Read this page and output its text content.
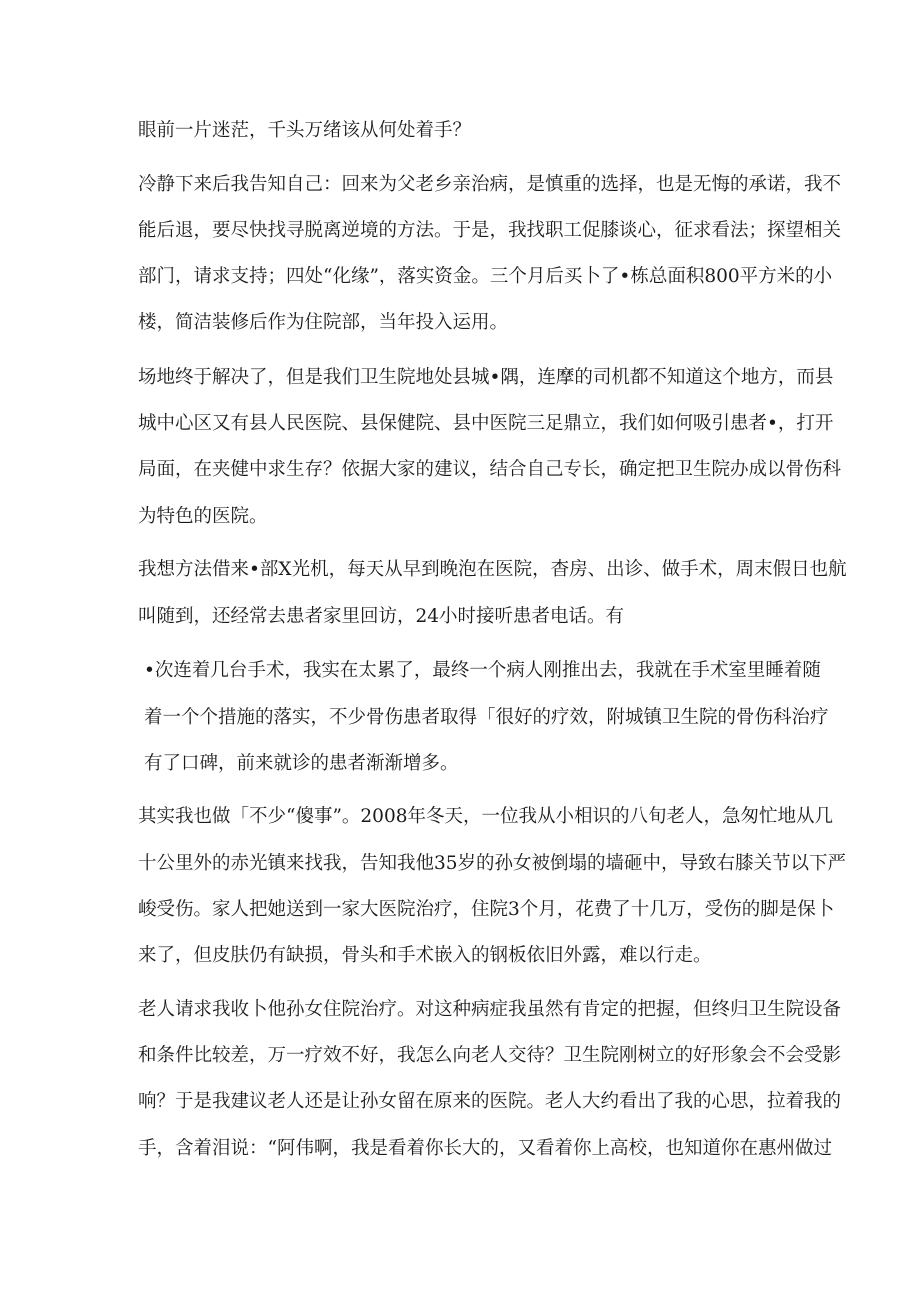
眼前一片迷茫，千头万绪该从何处着手？
冷静下来后我告知自己：回来为父老乡亲治病，是慎重的选择，也是无悔的承诺，我不
能后退，要尽快找寻脱离逆境的方法。于是，我找职工促膝谈心，征求看法；探望相关
部门，请求支持；四处“化缘”，落实资金。三个月后买卜了•栋总面积800平方米的小
楼，简洁装修后作为住院部，当年投入运用。
场地终于解决了，但是我们卫生院地处县城•隅，连摩的司机都不知道这个地方，而县
城中心区又有县人民医院、县保健院、县中医院三足鼎立，我们如何吸引患者•，打开
局面，在夹健中求生存？依据大家的建议，结合自己专长，确定把卫生院办成以骨伤科
为特色的医院。
我想方法借来•部X光机，每天从早到晚泡在医院，杳房、出诊、做手术，周末假日也航
叫随到，还经常去患者家里回访，24小时接听患者电话。有
•次连着几台手术，我实在太累了，最终一个病人刚推出去，我就在手术室里睡着随
着一个个措施的落实，不少骨伤患者取得「很好的疗效，附城镇卫生院的骨伤科治疗
有了口碑，前来就诊的患者渐渐增多。
其实我也做「不少“傻事”。2008年冬天，一位我从小相识的八旬老人，急匆忙地从几
十公里外的赤光镇来找我，告知我他35岁的孙女被倒塌的墙砸中，导致右膝关节以下严
峻受伤。家人把她送到一家大医院治疗，住院3个月，花费了十几万，受伤的脚是保卜
来了，但皮肤仍有缺损，骨头和手术嵌入的钢板依旧外露，难以行走。
老人请求我收卜他孙女住院治疗。对这种病症我虽然有肯定的把握，但终归卫生院设备
和条件比较差，万一疗效不好，我怎么向老人交待？卫生院刚树立的好形象会不会受影
响？于是我建议老人还是让孙女留在原来的医院。老人大约看出了我的心思，拉着我的
手，含着泪说：“阿伟啊，我是看着你长大的，又看着你上高校，也知道你在惠州做过
